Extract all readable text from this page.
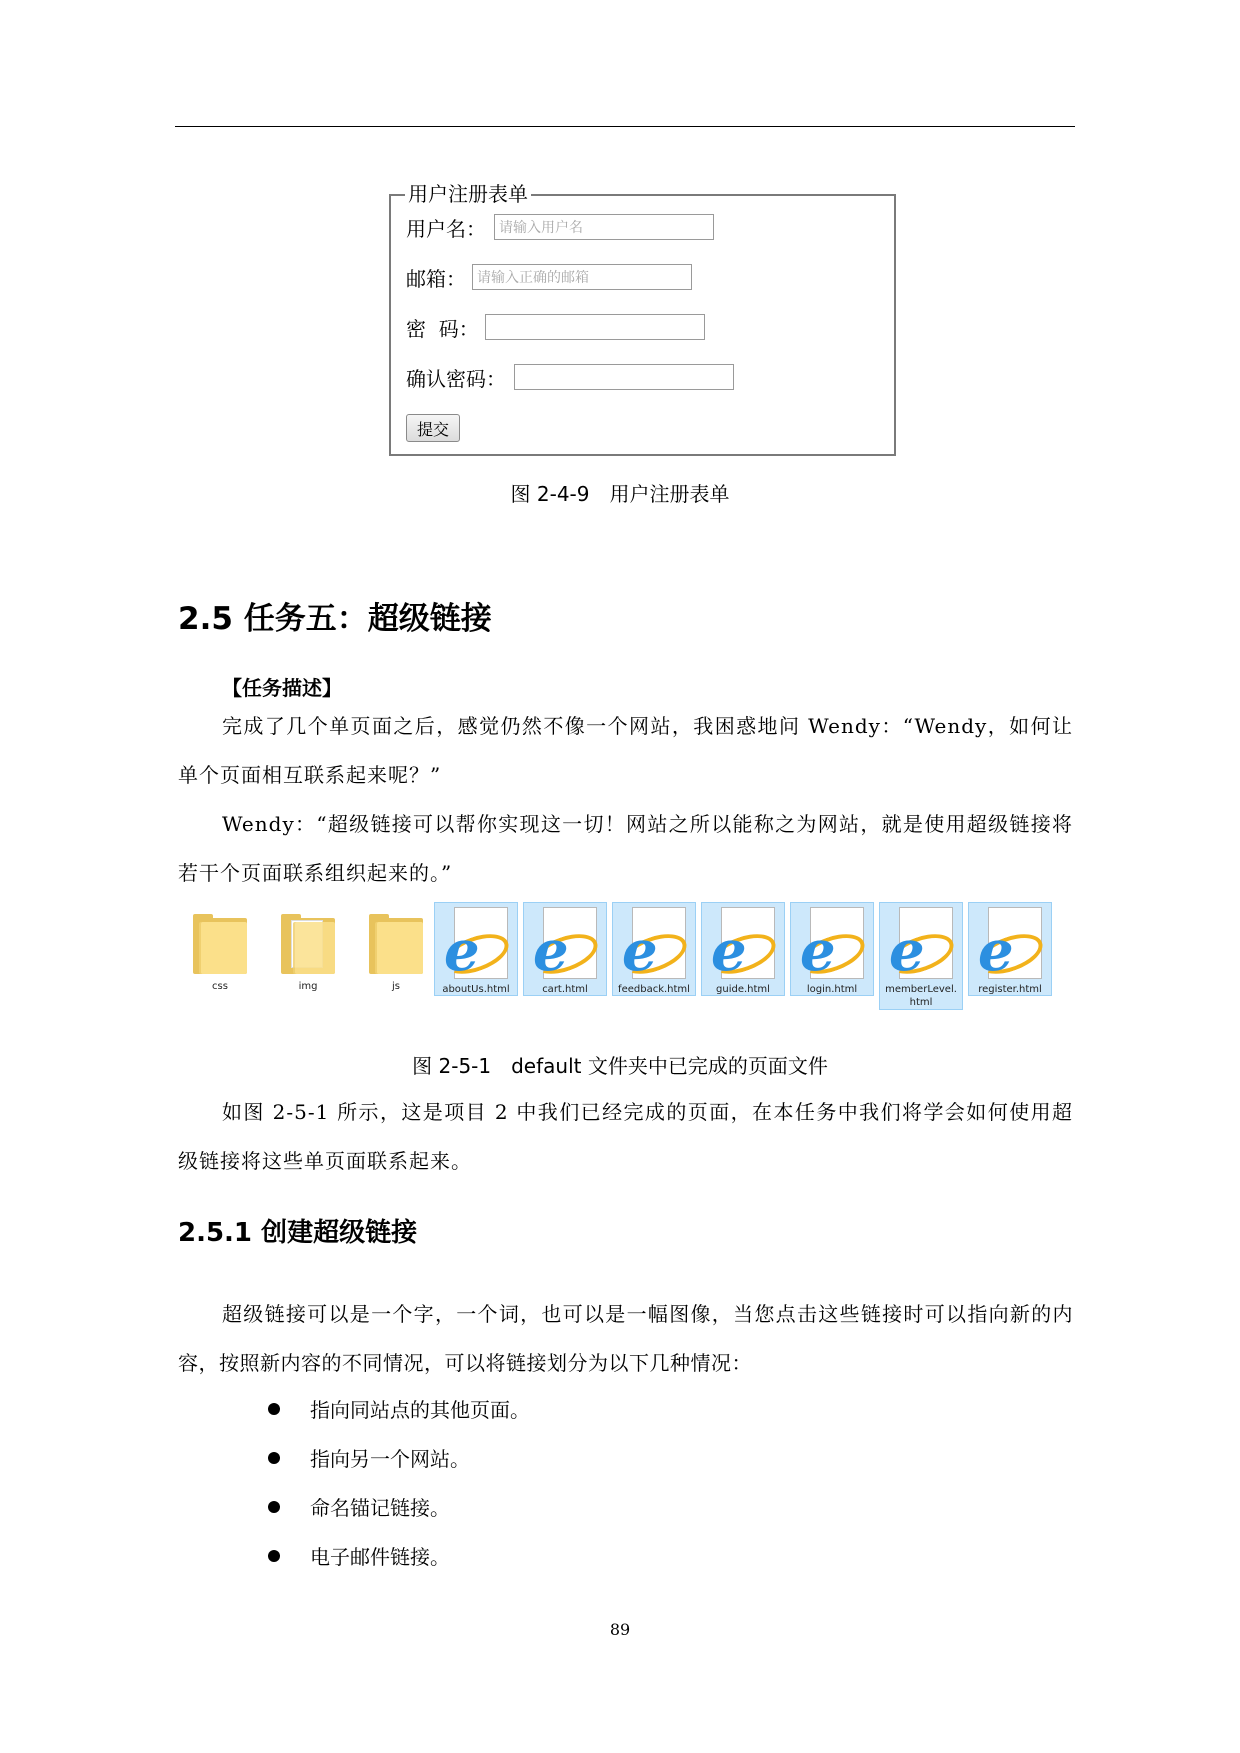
用户注册表单
用户名： 请输入用户名
邮箱： 请输入正确的邮箱
密  码：
确认密码：
提交
图 2-4-9　用户注册表单
2.5 任务五：超级链接
【任务描述】
完成了几个单页面之后，感觉仍然不像一个网站，我困惑地问 Wendy：“Wendy，如何让单个页面相互联系起来呢？”
Wendy：“超级链接可以帮你实现这一切！网站之所以能称之为网站，就是使用超级链接将若干个页面联系组织起来的。”
css	img	js
e
aboutUs.html
e
cart.html
e
feedback.html
e
guide.html
e
login.html
e
memberLevel.html
e
register.html
图 2-5-1　default 文件夹中已完成的页面文件
如图 2-5-1 所示，这是项目 2 中我们已经完成的页面，在本任务中我们将学会如何使用超级链接将这些单页面联系起来。
2.5.1 创建超级链接
超级链接可以是一个字，一个词，也可以是一幅图像，当您点击这些链接时可以指向新的内容，按照新内容的不同情况，可以将链接划分为以下几种情况：
指向同站点的其他页面。
指向另一个网站。
命名锚记链接。
电子邮件链接。
89
